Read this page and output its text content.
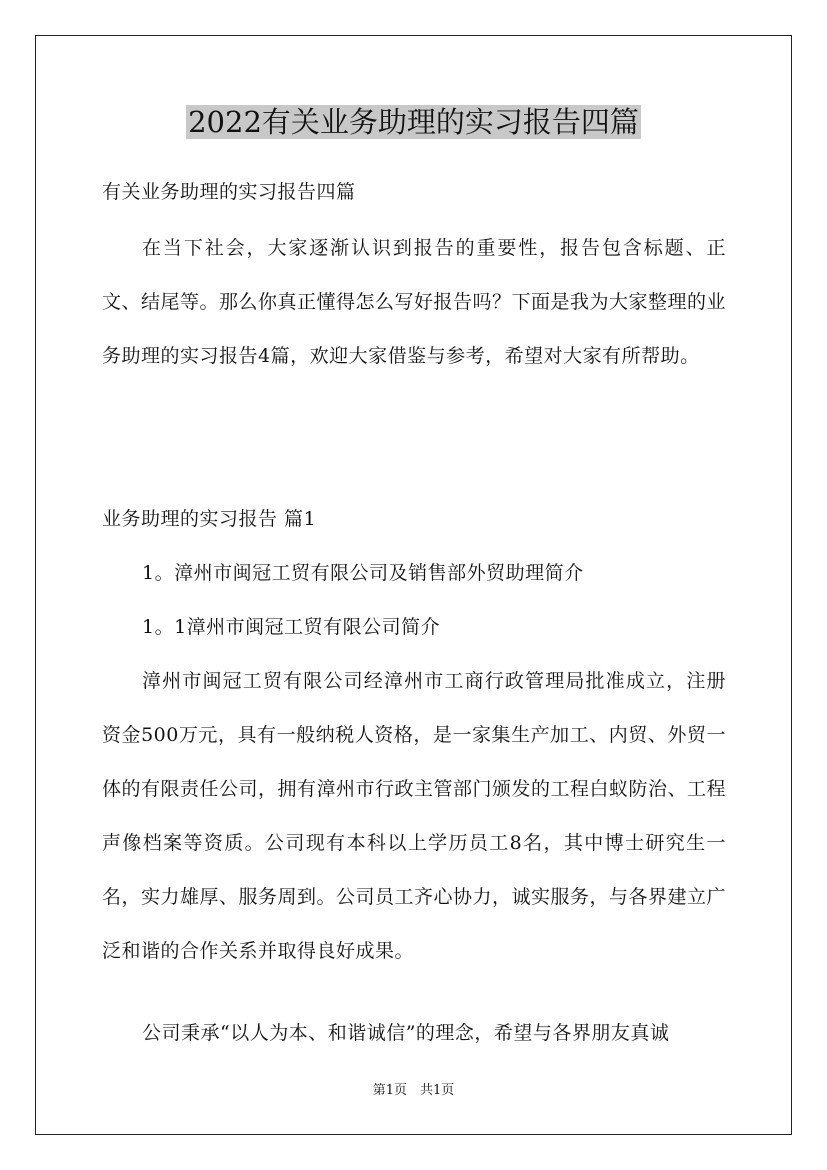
2022有关业务助理的实习报告四篇
有关业务助理的实习报告四篇
在当下社会，大家逐渐认识到报告的重要性，报告包含标题、正文、结尾等。那么你真正懂得怎么写好报告吗？下面是我为大家整理的业务助理的实习报告4篇，欢迎大家借鉴与参考，希望对大家有所帮助。
业务助理的实习报告 篇1
1。漳州市闽冠工贸有限公司及销售部外贸助理简介
1。1漳州市闽冠工贸有限公司简介
漳州市闽冠工贸有限公司经漳州市工商行政管理局批准成立，注册资金500万元，具有一般纳税人资格，是一家集生产加工、内贸、外贸一体的有限责任公司，拥有漳州市行政主管部门颁发的工程白蚁防治、工程声像档案等资质。公司现有本科以上学历员工8名，其中博士研究生一名，实力雄厚、服务周到。公司员工齐心协力，诚实服务，与各界建立广泛和谐的合作关系并取得良好成果。
公司秉承“以人为本、和谐诚信”的理念，希望与各界朋友真诚
第1页　共1页
